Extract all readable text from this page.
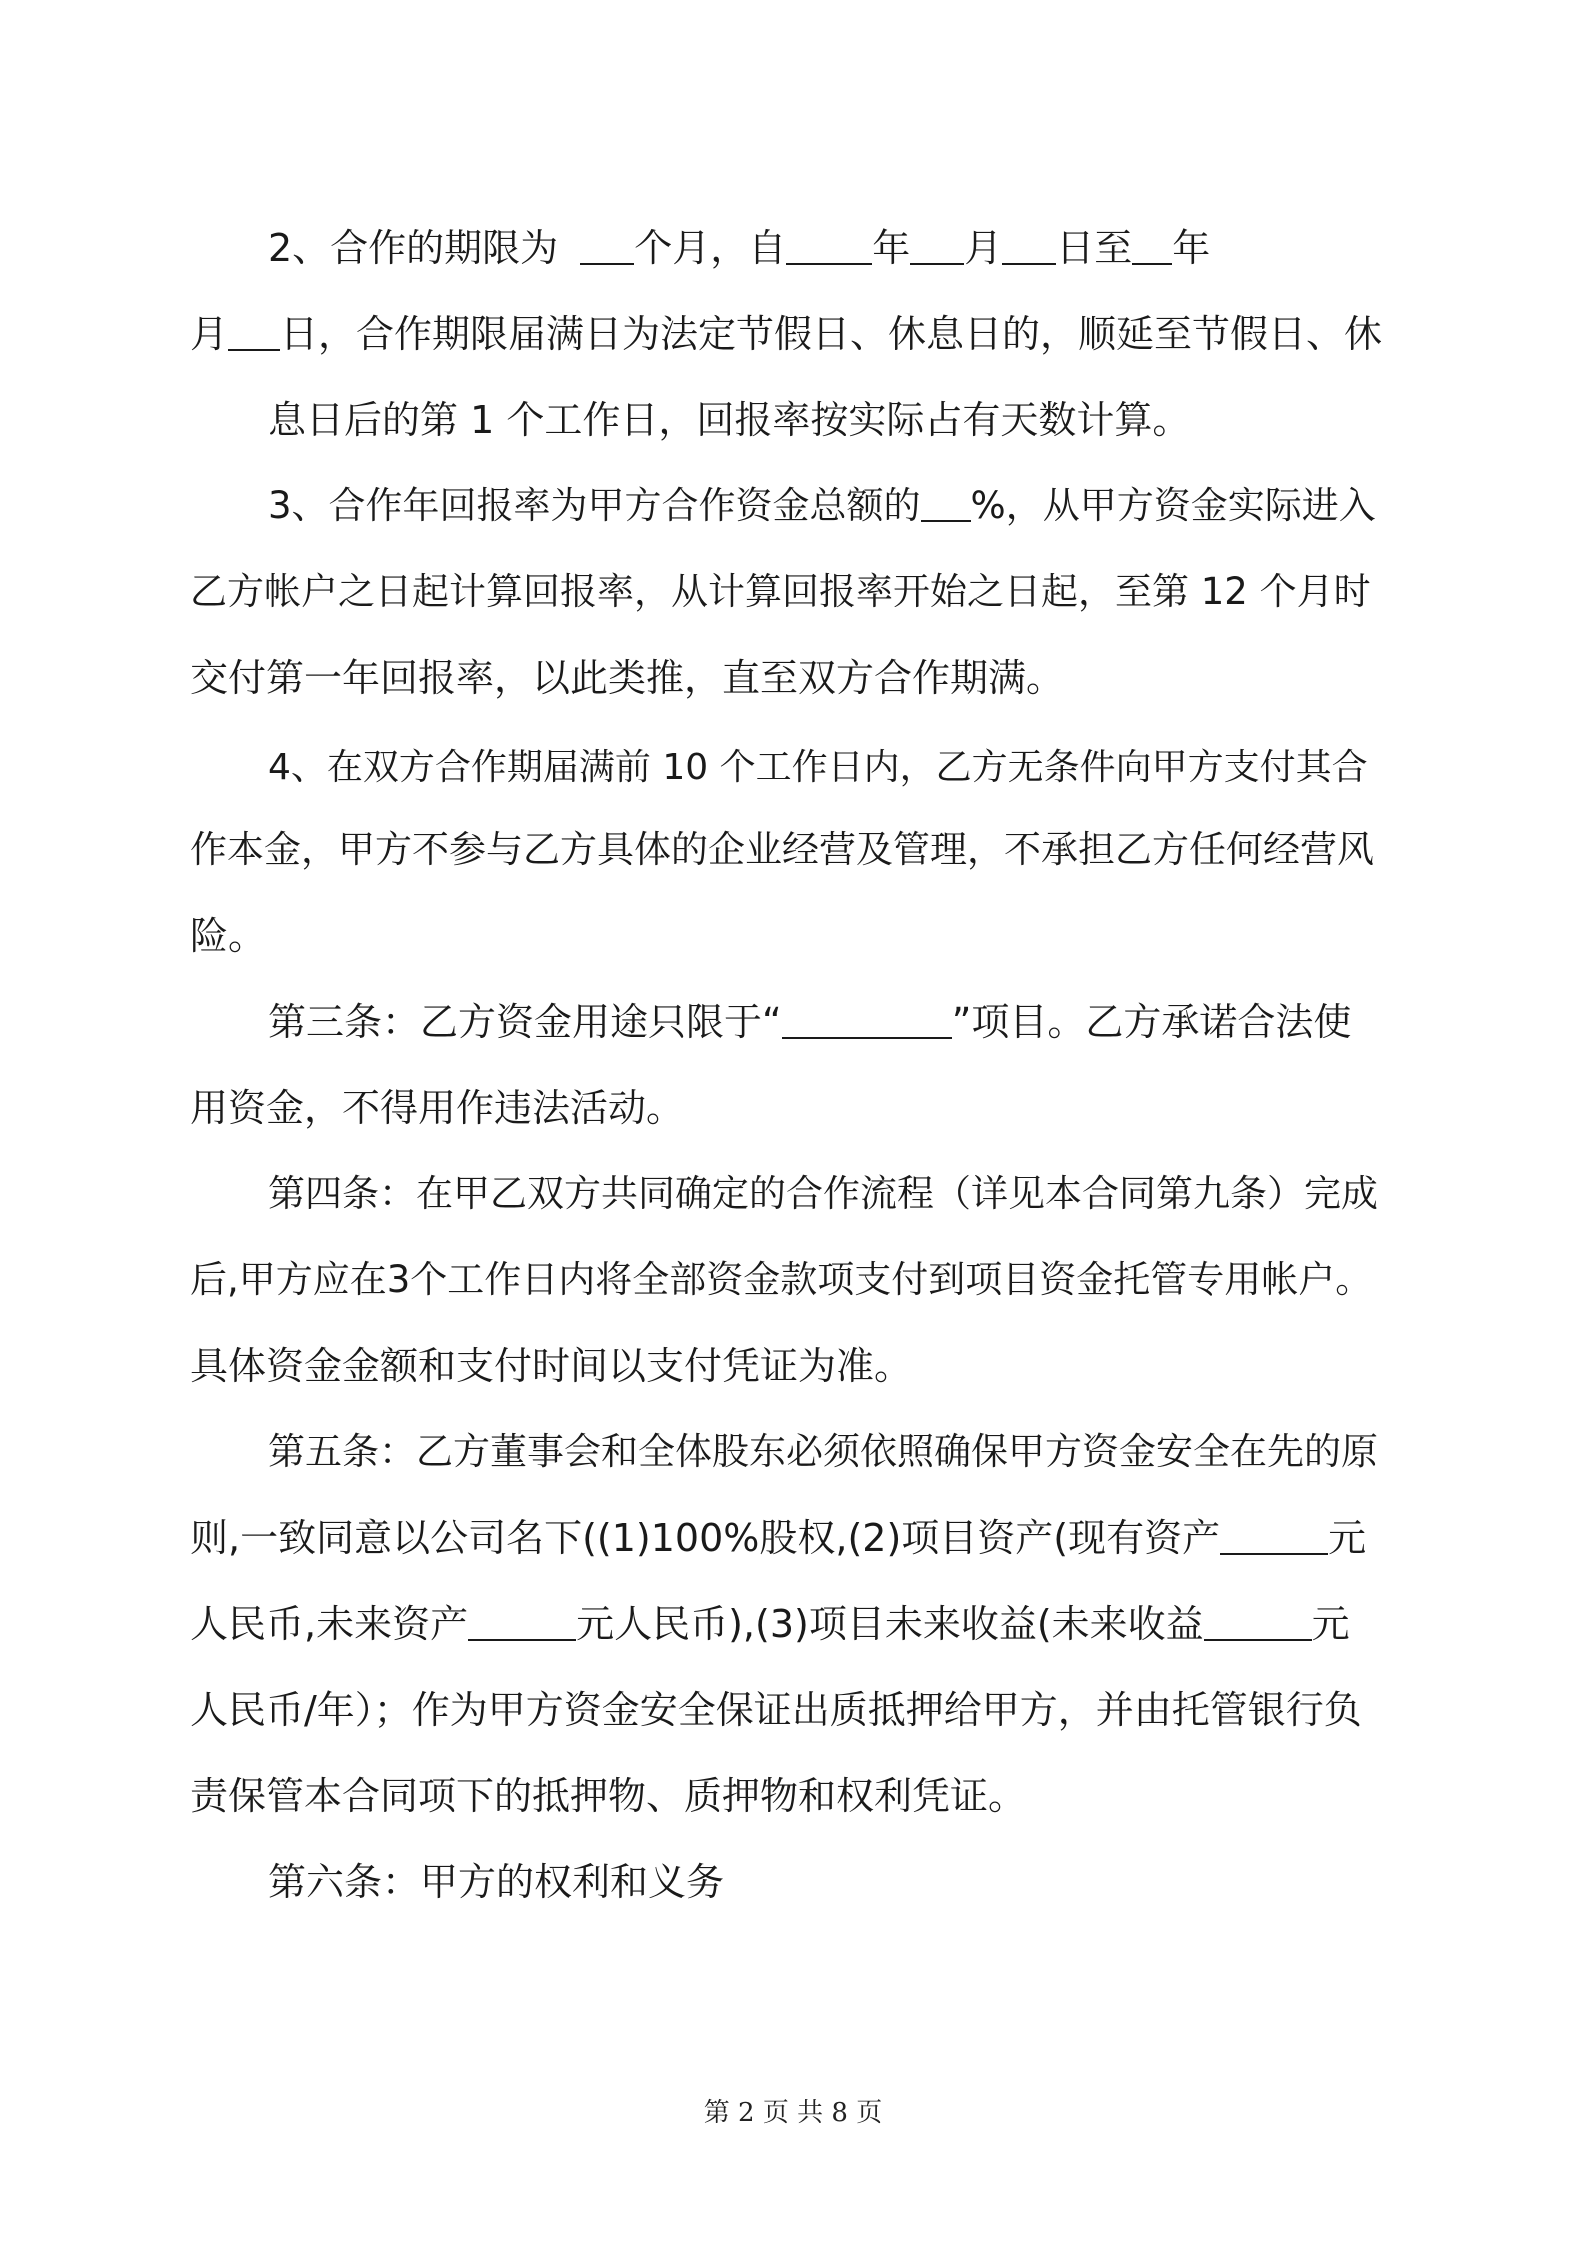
2、合作的期限为 个月，自 年 月 日至 年
月 日，合作期限届满日为法定节假日、休息日的，顺延至节假日、休
息日后的第 1 个工作日，回报率按实际占有天数计算。
3、合作年回报率为甲方合作资金总额的 %，从甲方资金实际进入
乙方帐户之日起计算回报率，从计算回报率开始之日起，至第 12 个月时
交付第一年回报率，以此类推，直至双方合作期满。
4、在双方合作期届满前 10 个工作日内，乙方无条件向甲方支付其合
作本金，甲方不参与乙方具体的企业经营及管理，不承担乙方任何经营风
险。
第三条：乙方资金用途只限于“	”项目。乙方承诺合法使
用资金，不得用作违法活动。
第四条：在甲乙双方共同确定的合作流程（详见本合同第九条）完成
后,甲方应在3个工作日内将全部资金款项支付到项目资金托管专用帐户。
具体资金金额和支付时间以支付凭证为准。
第五条：乙方董事会和全体股东必须依照确保甲方资金安全在先的原
则,一致同意以公司名下((1)100%股权,(2)项目资产(现有资产	元
人民币,未来资产	元人民币),(3)项目未来收益(未来收益	元
人民币/年）；作为甲方资金安全保证出质抵押给甲方，并由托管银行负
责保管本合同项下的抵押物、质押物和权利凭证。
第六条：甲方的权利和义务
第 2 页 共 8 页
